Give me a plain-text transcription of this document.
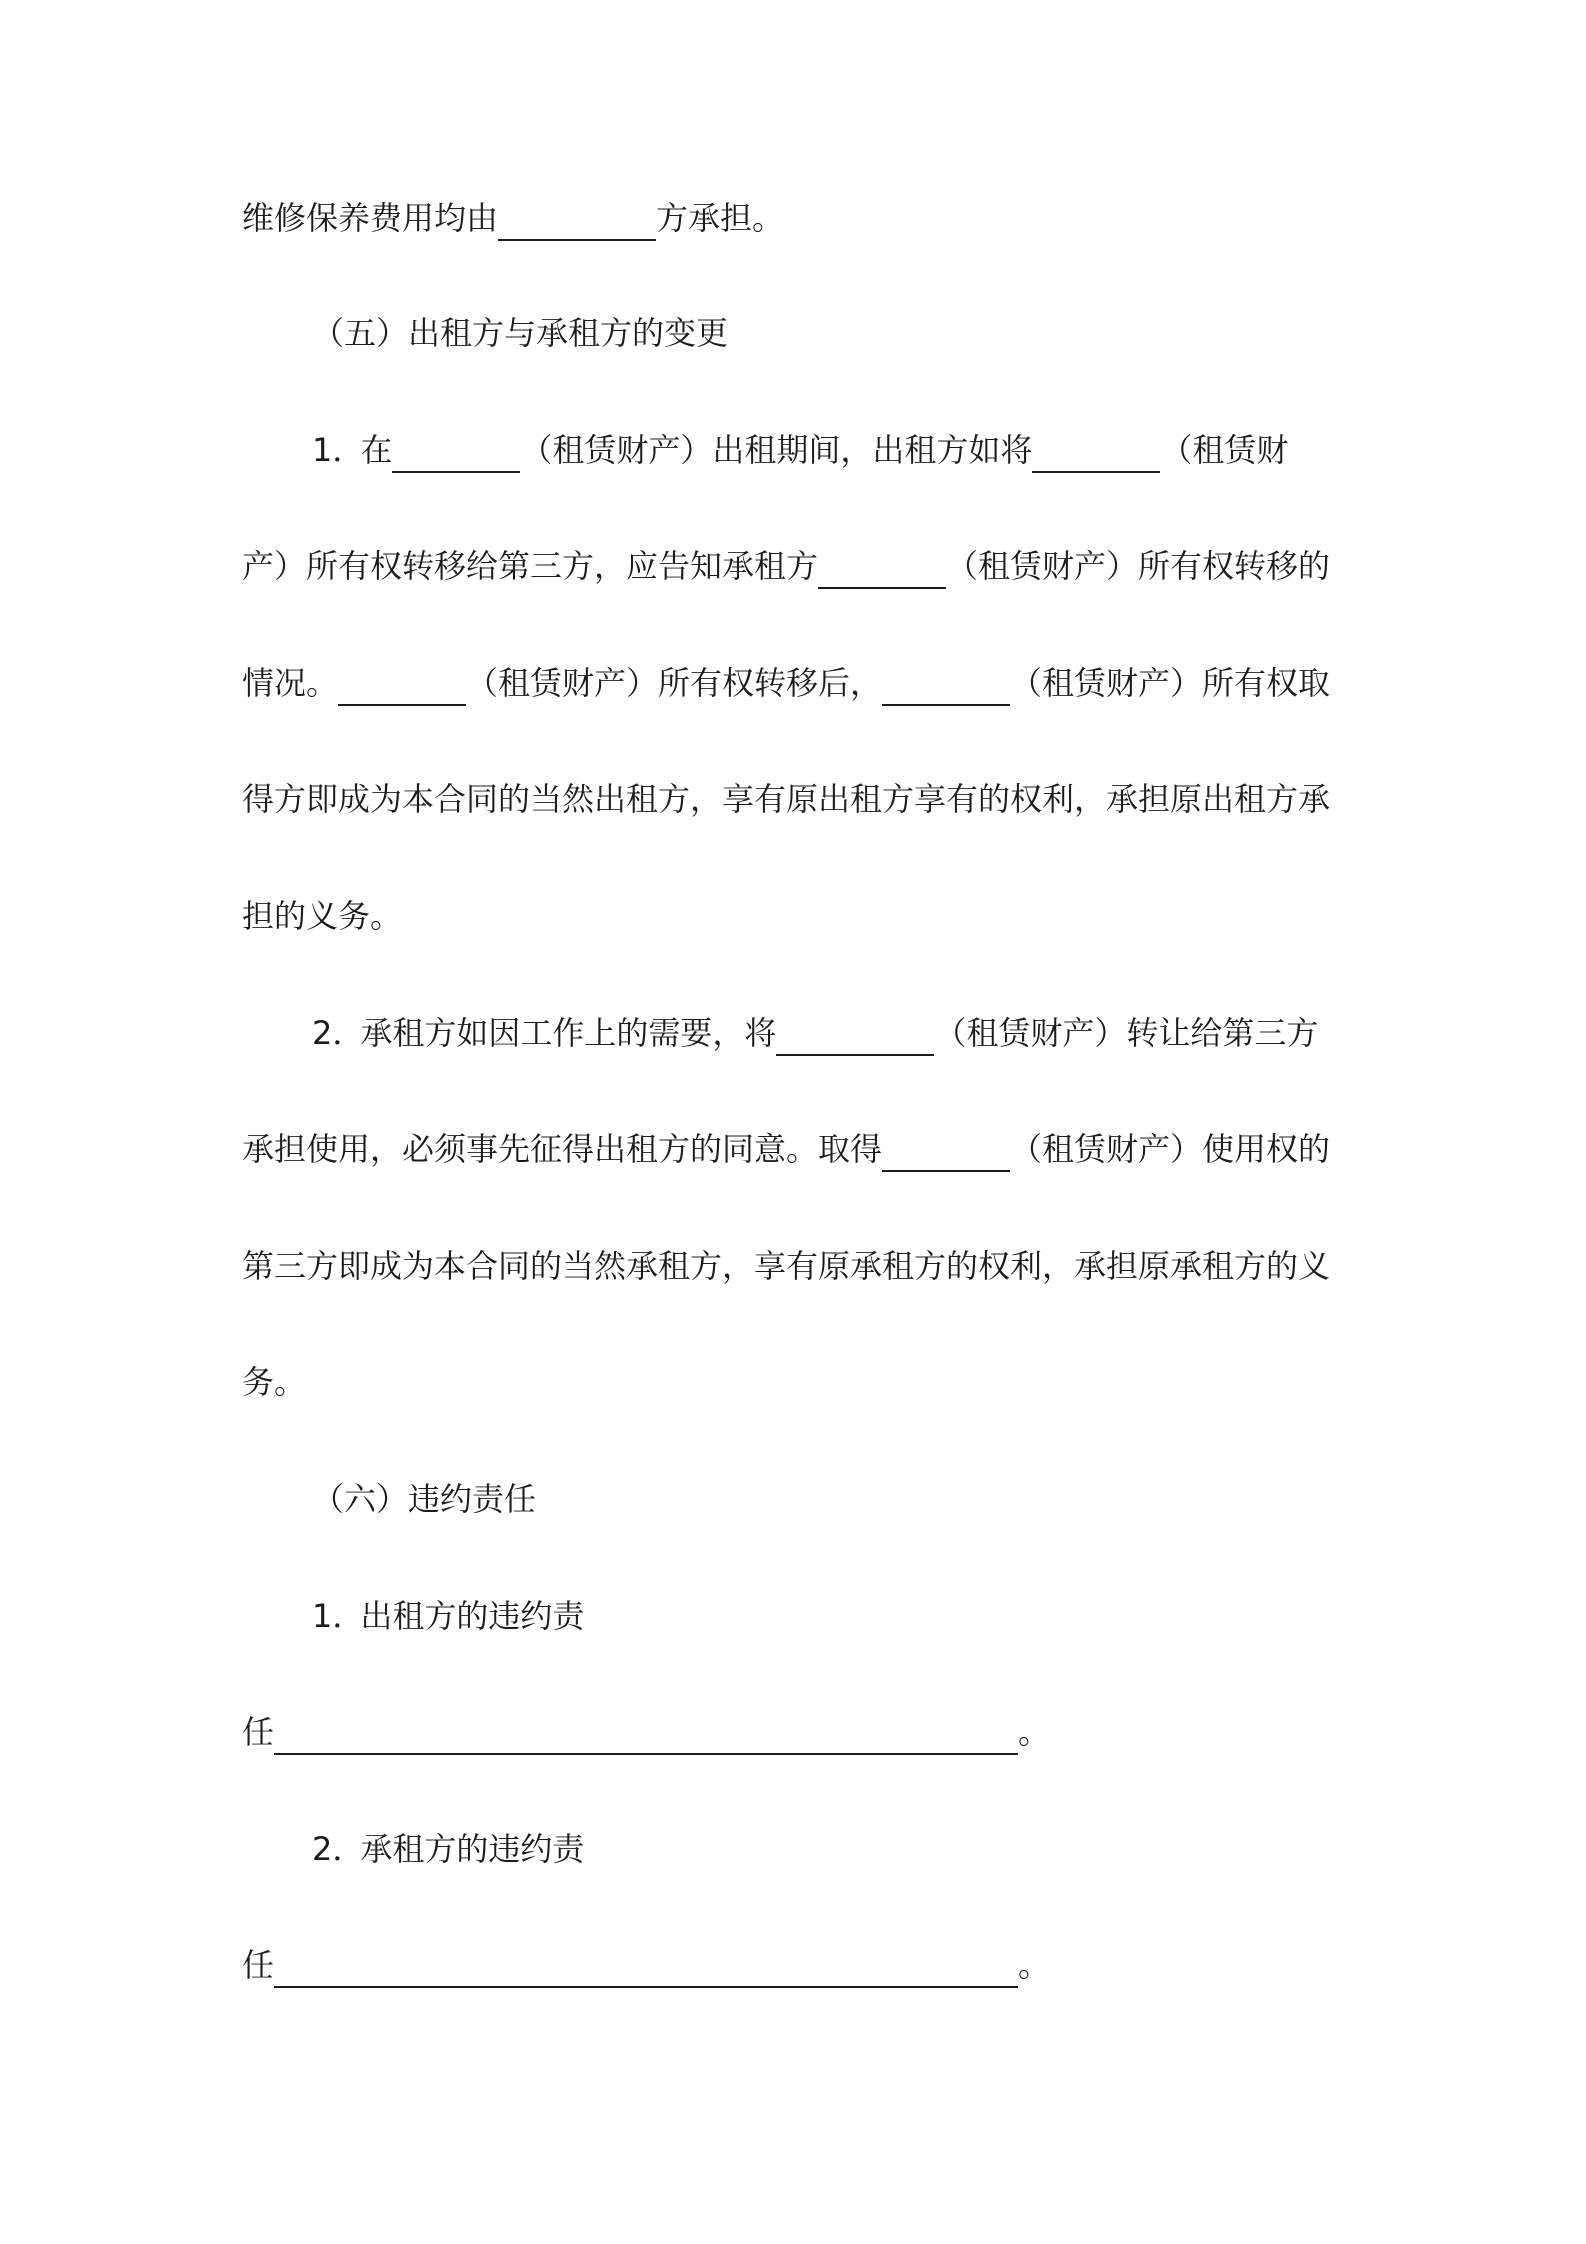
维修保养费用均由	方承担。
（五）出租方与承租方的变更
1．在	（租赁财产）出租期间，出租方如将	（租赁财
产）所有权转移给第三方，应告知承租方	（租赁财产）所有权转移的
情况。	（租赁财产）所有权转移后，	（租赁财产）所有权取
得方即成为本合同的当然出租方，享有原出租方享有的权利，承担原出租方承
担的义务。
2．承租方如因工作上的需要，将	（租赁财产）转让给第三方
承担使用，必须事先征得出租方的同意。取得	（租赁财产）使用权的
第三方即成为本合同的当然承租方，享有原承租方的权利，承担原承租方的义
务。
（六）违约责任
1．出租方的违约责
任	。
2．承租方的违约责
任	。
